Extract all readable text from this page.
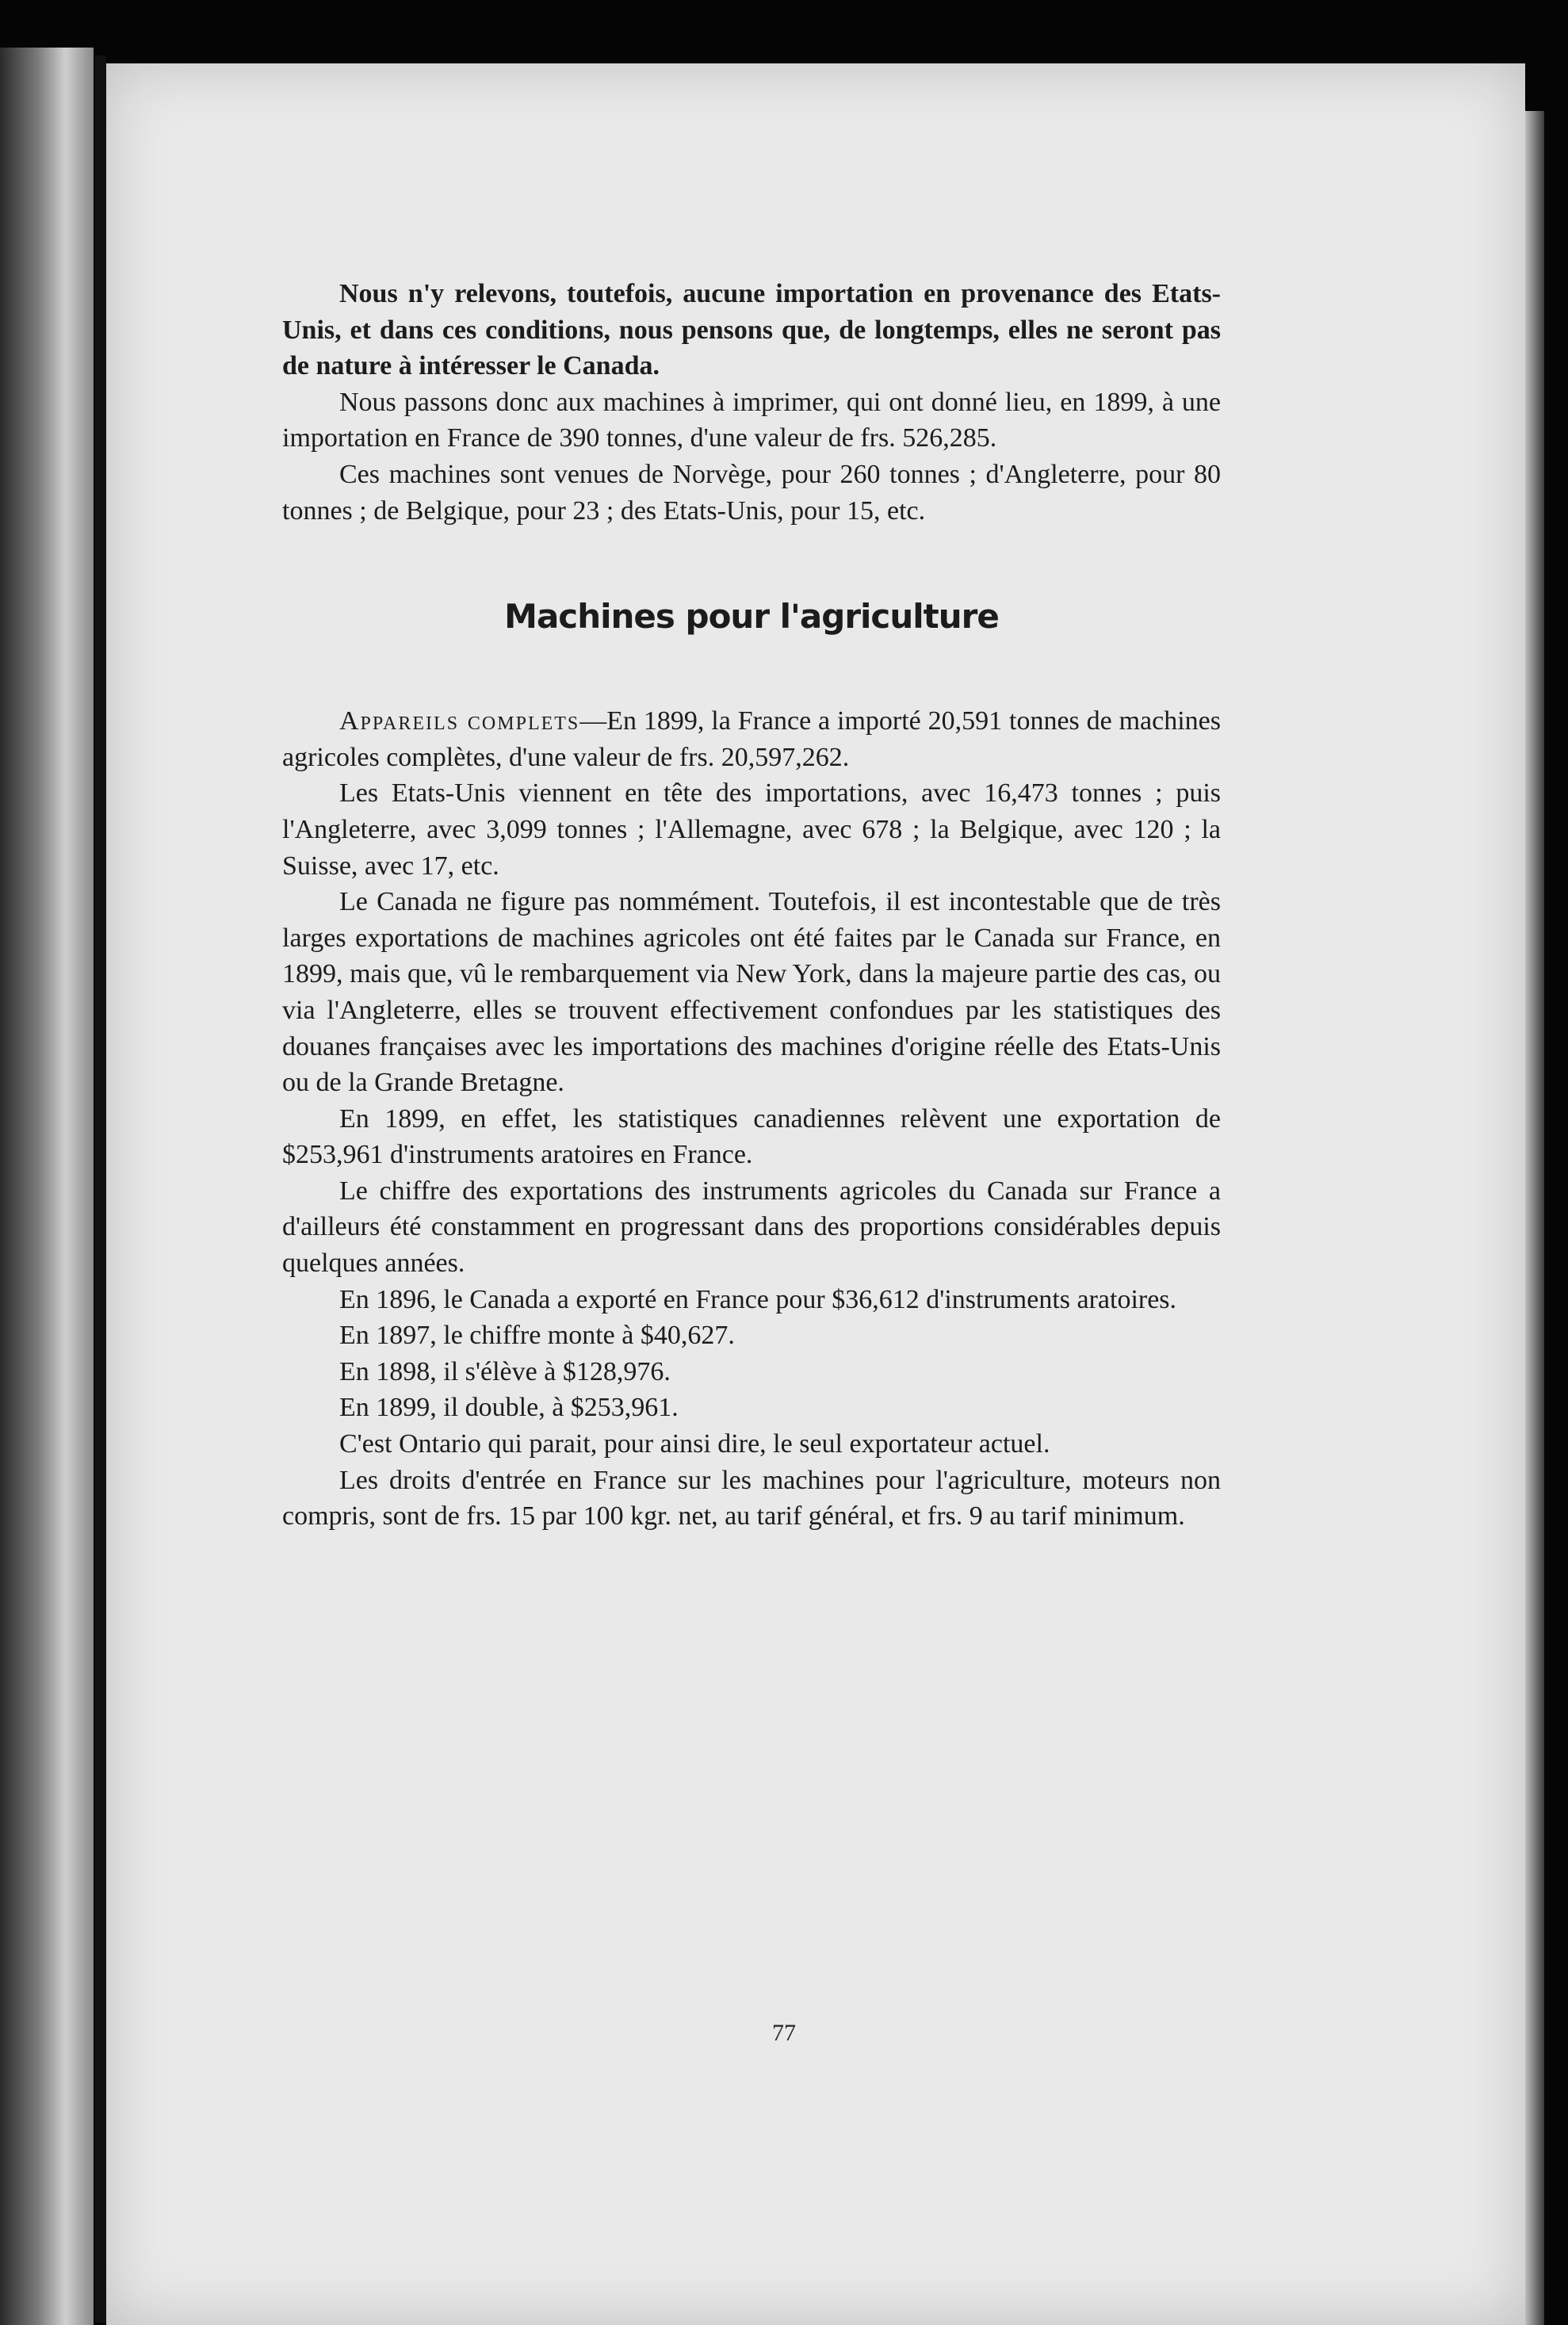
Nous n'y relevons, toutefois, aucune importation en provenance des Etats-Unis, et dans ces conditions, nous pensons que, de longtemps, elles ne seront pas de nature à intéresser le Canada.

Nous passons donc aux machines à imprimer, qui ont donné lieu, en 1899, à une importation en France de 390 tonnes, d'une valeur de frs. 526,285.

Ces machines sont venues de Norvège, pour 260 tonnes ; d'Angleterre, pour 80 tonnes ; de Belgique, pour 23 ; des Etats-Unis, pour 15, etc.

Machines pour l'agriculture

Appareils complets—En 1899, la France a importé 20,591 tonnes de machines agricoles complètes, d'une valeur de frs. 20,597,262.

Les Etats-Unis viennent en tête des importations, avec 16,473 tonnes ; puis l'Angleterre, avec 3,099 tonnes ; l'Allemagne, avec 678 ; la Belgique, avec 120 ; la Suisse, avec 17, etc.

Le Canada ne figure pas nommément. Toutefois, il est incontestable que de très larges exportations de machines agricoles ont été faites par le Canada sur France, en 1899, mais que, vû le rembarquement via New York, dans la majeure partie des cas, ou via l'Angleterre, elles se trouvent effectivement confondues par les statistiques des douanes françaises avec les importations des machines d'origine réelle des Etats-Unis ou de la Grande Bretagne.

En 1899, en effet, les statistiques canadiennes relèvent une exportation de $253,961 d'instruments aratoires en France.

Le chiffre des exportations des instruments agricoles du Canada sur France a d'ailleurs été constamment en progressant dans des proportions considérables depuis quelques années.

En 1896, le Canada a exporté en France pour $36,612 d'instruments aratoires.

En 1897, le chiffre monte à $40,627.

En 1898, il s'élève à $128,976.

En 1899, il double, à $253,961.

C'est Ontario qui parait, pour ainsi dire, le seul exportateur actuel.

Les droits d'entrée en France sur les machines pour l'agriculture, moteurs non compris, sont de frs. 15 par 100 kgr. net, au tarif général, et frs. 9 au tarif minimum.

77
